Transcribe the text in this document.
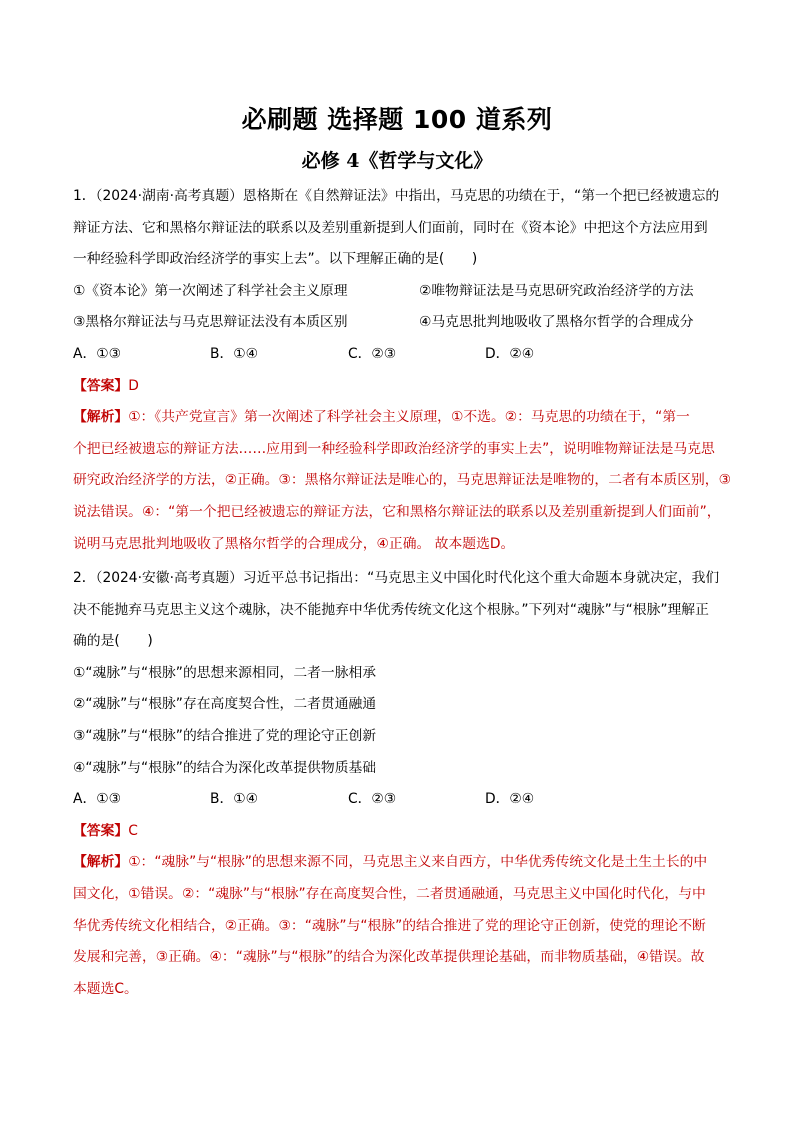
必刷题 选择题 100 道系列
必修 4《哲学与文化》
1．（2024·湖南·高考真题）恩格斯在《自然辩证法》中指出，马克思的功绩在于，“第一个把已经被遗忘的
辩证方法、它和黑格尔辩证法的联系以及差别重新提到人们面前，同时在《资本论》中把这个方法应用到
一种经验科学即政治经济学的事实上去”。以下理解正确的是(　　)
①《资本论》第一次阐述了科学社会主义原理	②唯物辩证法是马克思研究政治经济学的方法
③黑格尔辩证法与马克思辩证法没有本质区别	④马克思批判地吸收了黑格尔哲学的合理成分
A．①③	B．①④	C．②③	D．②④
【答案】D
【解析】①：《共产党宣言》第一次阐述了科学社会主义原理，①不选。②：马克思的功绩在于，“第一
个把已经被遗忘的辩证方法……应用到一种经验科学即政治经济学的事实上去”，说明唯物辩证法是马克思
研究政治经济学的方法，②正确。③：黑格尔辩证法是唯心的，马克思辩证法是唯物的，二者有本质区别，③
说法错误。④：“第一个把已经被遗忘的辩证方法，它和黑格尔辩证法的联系以及差别重新提到人们面前”，
说明马克思批判地吸收了黑格尔哲学的合理成分，④正确。 故本题选D。
2．（2024·安徽·高考真题）习近平总书记指出：“马克思主义中国化时代化这个重大命题本身就决定，我们
决不能抛弃马克思主义这个魂脉，决不能抛弃中华优秀传统文化这个根脉。”下列对“魂脉”与“根脉”理解正
确的是(　　)
①“魂脉”与“根脉”的思想来源相同，二者一脉相承
②“魂脉”与“根脉”存在高度契合性，二者贯通融通
③“魂脉”与“根脉”的结合推进了党的理论守正创新
④“魂脉”与“根脉”的结合为深化改革提供物质基础
A．①③	B．①④	C．②③	D．②④
【答案】C
【解析】①：“魂脉”与“根脉”的思想来源不同，马克思主义来自西方，中华优秀传统文化是土生土长的中
国文化，①错误。②：“魂脉”与“根脉”存在高度契合性，二者贯通融通，马克思主义中国化时代化，与中
华优秀传统文化相结合，②正确。③：“魂脉”与“根脉”的结合推进了党的理论守正创新，使党的理论不断
发展和完善，③正确。④：“魂脉”与“根脉”的结合为深化改革提供理论基础，而非物质基础，④错误。故
本题选C。
